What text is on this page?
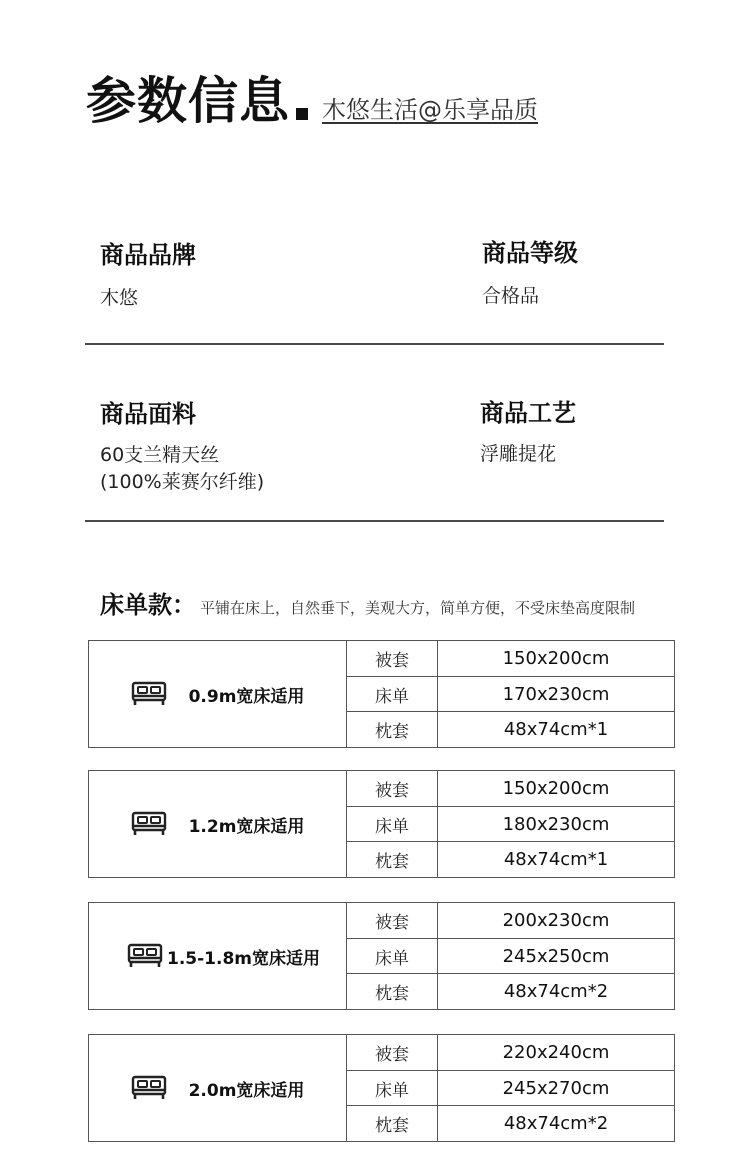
参数信息 木悠生活@乐享品质
商品品牌
木悠
商品等级
合格品
商品面料
60支兰精天丝
(100%莱赛尔纤维)
商品工艺
浮雕提花
床单款： 平铺在床上，自然垂下，美观大方，简单方便，不受床垫高度限制
0.9m宽床适用
被套	150x200cm
床单	170x230cm
枕套	48x74cm*1
1.2m宽床适用
被套	150x200cm
床单	180x230cm
枕套	48x74cm*1
1.5-1.8m宽床适用
被套	200x230cm
床单	245x250cm
枕套	48x74cm*2
2.0m宽床适用
被套	220x240cm
床单	245x270cm
枕套	48x74cm*2
